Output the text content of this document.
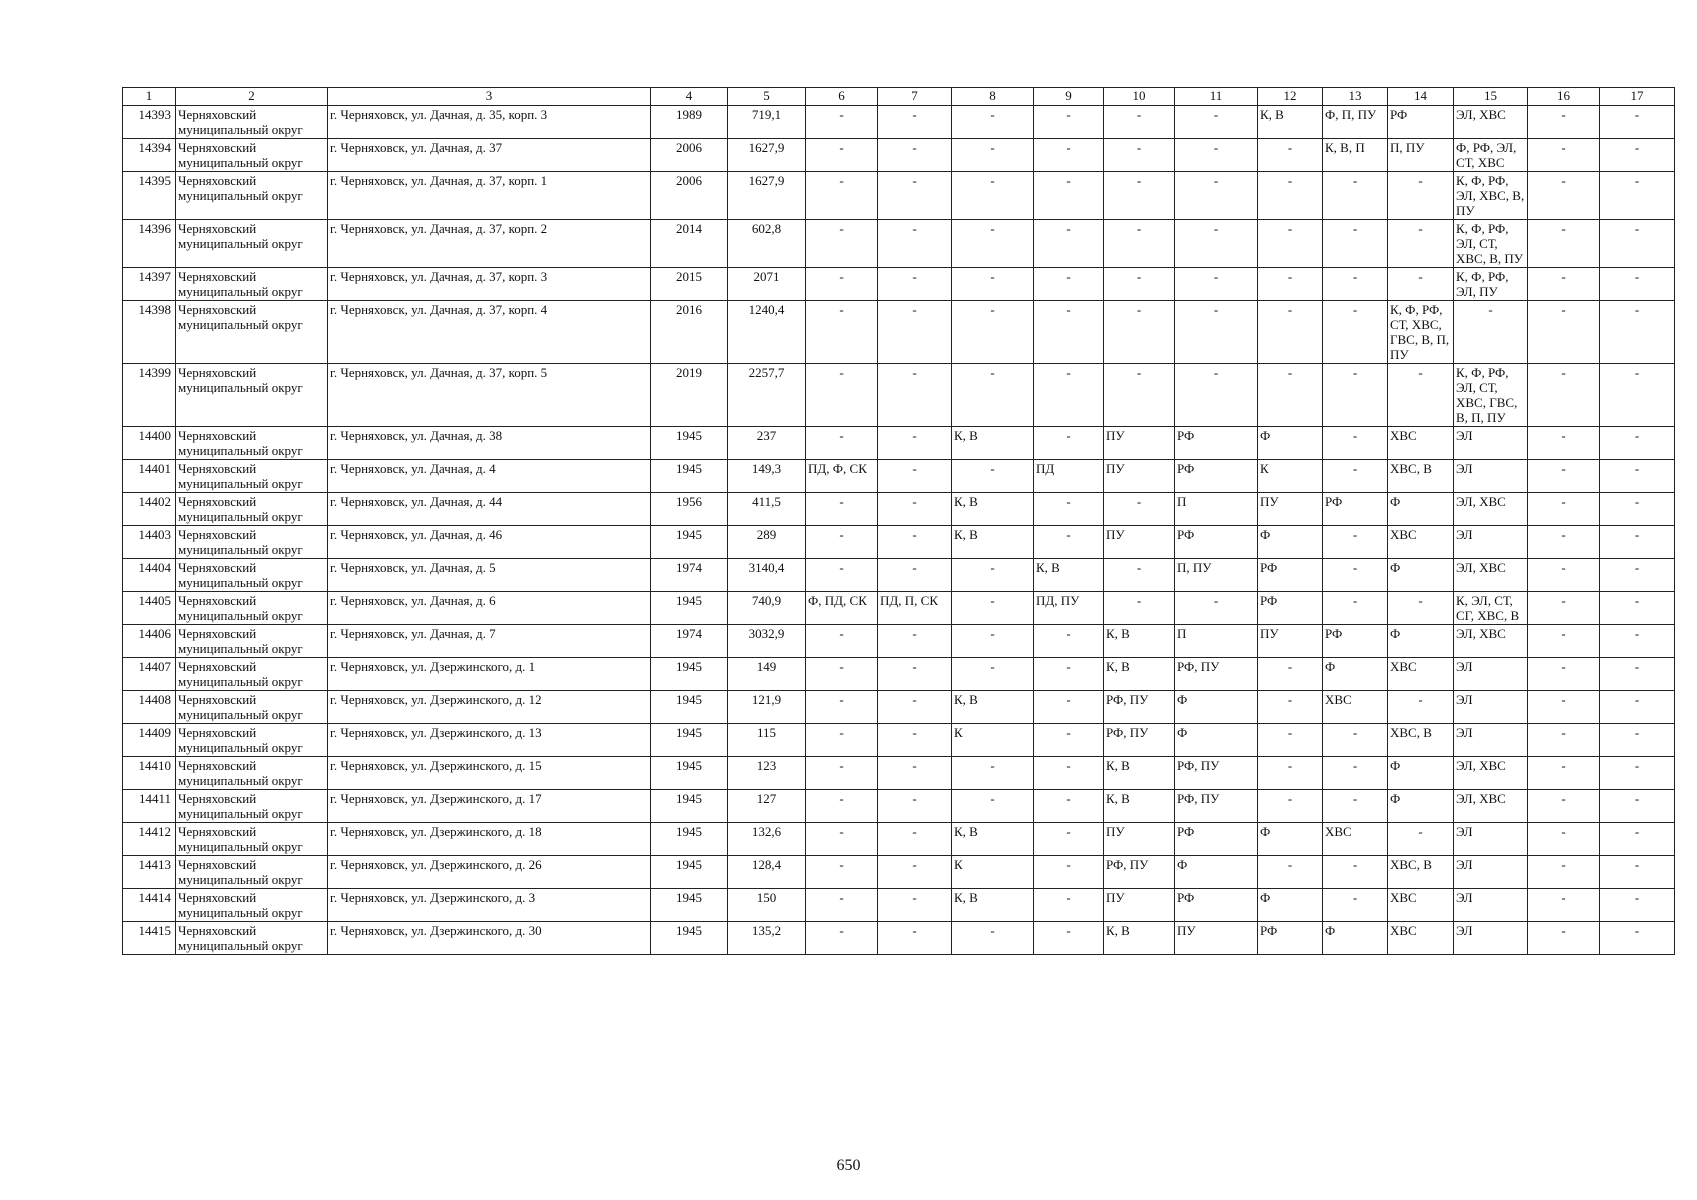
1	2	3	4	5	6	7	8	9	10	11	12	13	14	15	16	17
14393	Черняховский муниципальный округ	г. Черняховск, ул. Дачная, д. 35, корп. 3	1989	719,1	-	-	-	-	-	-	К, В	Ф, П, ПУ	РФ	ЭЛ, ХВС	-	-
14394	Черняховский муниципальный округ	г. Черняховск, ул. Дачная, д. 37	2006	1627,9	-	-	-	-	-	-	-	К, В, П	П, ПУ	Ф, РФ, ЭЛ, СТ, ХВС	-	-
14395	Черняховский муниципальный округ	г. Черняховск, ул. Дачная, д. 37, корп. 1	2006	1627,9	-	-	-	-	-	-	-	-	-	К, Ф, РФ, ЭЛ, ХВС, В, ПУ	-	-
14396	Черняховский муниципальный округ	г. Черняховск, ул. Дачная, д. 37, корп. 2	2014	602,8	-	-	-	-	-	-	-	-	-	К, Ф, РФ, ЭЛ, СТ, ХВС, В, ПУ	-	-
14397	Черняховский муниципальный округ	г. Черняховск, ул. Дачная, д. 37, корп. 3	2015	2071	-	-	-	-	-	-	-	-	-	К, Ф, РФ, ЭЛ, ПУ	-	-
14398	Черняховский муниципальный округ	г. Черняховск, ул. Дачная, д. 37, корп. 4	2016	1240,4	-	-	-	-	-	-	-	-	К, Ф, РФ, СТ, ХВС, ГВС, В, П, ПУ	-	-	-
14399	Черняховский муниципальный округ	г. Черняховск, ул. Дачная, д. 37, корп. 5	2019	2257,7	-	-	-	-	-	-	-	-	-	К, Ф, РФ, ЭЛ, СТ, ХВС, ГВС, В, П, ПУ	-	-
14400	Черняховский муниципальный округ	г. Черняховск, ул. Дачная, д. 38	1945	237	-	-	К, В	-	ПУ	РФ	Ф	-	ХВС	ЭЛ	-	-
14401	Черняховский муниципальный округ	г. Черняховск, ул. Дачная, д. 4	1945	149,3	ПД, Ф, СК	-	-	ПД	ПУ	РФ	К	-	ХВС, В	ЭЛ	-	-
14402	Черняховский муниципальный округ	г. Черняховск, ул. Дачная, д. 44	1956	411,5	-	-	К, В	-	-	П	ПУ	РФ	Ф	ЭЛ, ХВС	-	-
14403	Черняховский муниципальный округ	г. Черняховск, ул. Дачная, д. 46	1945	289	-	-	К, В	-	ПУ	РФ	Ф	-	ХВС	ЭЛ	-	-
14404	Черняховский муниципальный округ	г. Черняховск, ул. Дачная, д. 5	1974	3140,4	-	-	-	К, В	-	П, ПУ	РФ	-	Ф	ЭЛ, ХВС	-	-
14405	Черняховский муниципальный округ	г. Черняховск, ул. Дачная, д. 6	1945	740,9	Ф, ПД, СК	ПД, П, СК	-	ПД, ПУ	-	-	РФ	-	-	К, ЭЛ, СТ, СГ, ХВС, В	-	-
14406	Черняховский муниципальный округ	г. Черняховск, ул. Дачная, д. 7	1974	3032,9	-	-	-	-	К, В	П	ПУ	РФ	Ф	ЭЛ, ХВС	-	-
14407	Черняховский муниципальный округ	г. Черняховск, ул. Дзержинского, д. 1	1945	149	-	-	-	-	К, В	РФ, ПУ	-	Ф	ХВС	ЭЛ	-	-
14408	Черняховский муниципальный округ	г. Черняховск, ул. Дзержинского, д. 12	1945	121,9	-	-	К, В	-	РФ, ПУ	Ф	-	ХВС	-	ЭЛ	-	-
14409	Черняховский муниципальный округ	г. Черняховск, ул. Дзержинского, д. 13	1945	115	-	-	К	-	РФ, ПУ	Ф	-	-	ХВС, В	ЭЛ	-	-
14410	Черняховский муниципальный округ	г. Черняховск, ул. Дзержинского, д. 15	1945	123	-	-	-	-	К, В	РФ, ПУ	-	-	Ф	ЭЛ, ХВС	-	-
14411	Черняховский муниципальный округ	г. Черняховск, ул. Дзержинского, д. 17	1945	127	-	-	-	-	К, В	РФ, ПУ	-	-	Ф	ЭЛ, ХВС	-	-
14412	Черняховский муниципальный округ	г. Черняховск, ул. Дзержинского, д. 18	1945	132,6	-	-	К, В	-	ПУ	РФ	Ф	ХВС	-	ЭЛ	-	-
14413	Черняховский муниципальный округ	г. Черняховск, ул. Дзержинского, д. 26	1945	128,4	-	-	К	-	РФ, ПУ	Ф	-	-	ХВС, В	ЭЛ	-	-
14414	Черняховский муниципальный округ	г. Черняховск, ул. Дзержинского, д. 3	1945	150	-	-	К, В	-	ПУ	РФ	Ф	-	ХВС	ЭЛ	-	-
14415	Черняховский муниципальный округ	г. Черняховск, ул. Дзержинского, д. 30	1945	135,2	-	-	-	-	К, В	ПУ	РФ	Ф	ХВС	ЭЛ	-	-
650
